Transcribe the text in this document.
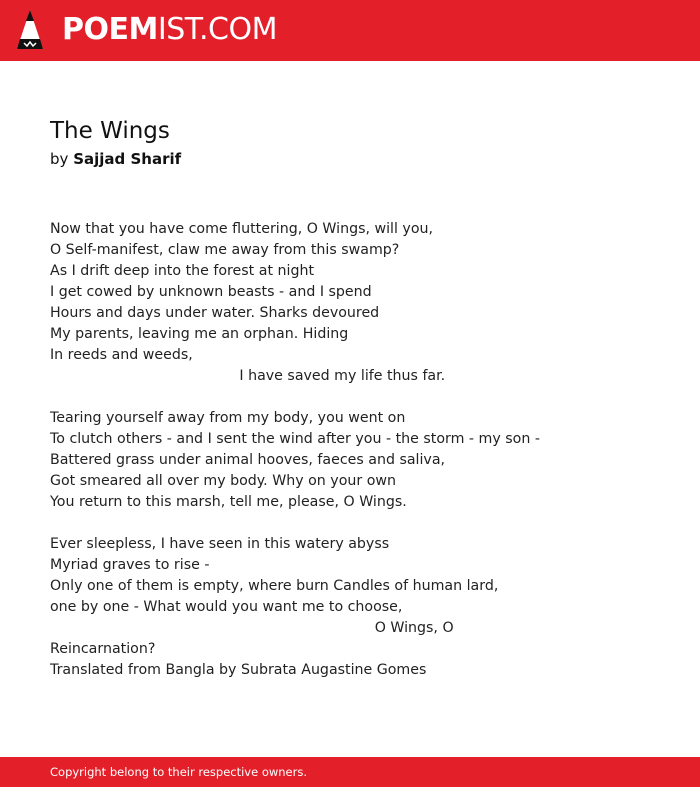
POEMIST.COM
The Wings
by Sajjad Sharif
Now that you have come fluttering, O Wings, will you,
O Self-manifest, claw me away from this swamp?
As I drift deep into the forest at night
I get cowed by unknown beasts - and I spend
Hours and days under water. Sharks devoured
My parents, leaving me an orphan. Hiding
In reeds and weeds,
I have saved my life thus far.
Tearing yourself away from my body, you went on
To clutch others - and I sent the wind after you - the storm - my son -
Battered grass under animal hooves, faeces and saliva,
Got smeared all over my body. Why on your own
You return to this marsh, tell me, please, O Wings.
Ever sleepless, I have seen in this watery abyss
Myriad graves to rise -
Only one of them is empty, where burn Candles of human lard,
one by one - What would you want me to choose,
O Wings, O
Reincarnation?
Translated from Bangla by Subrata Augastine Gomes
Copyright belong to their respective owners.
